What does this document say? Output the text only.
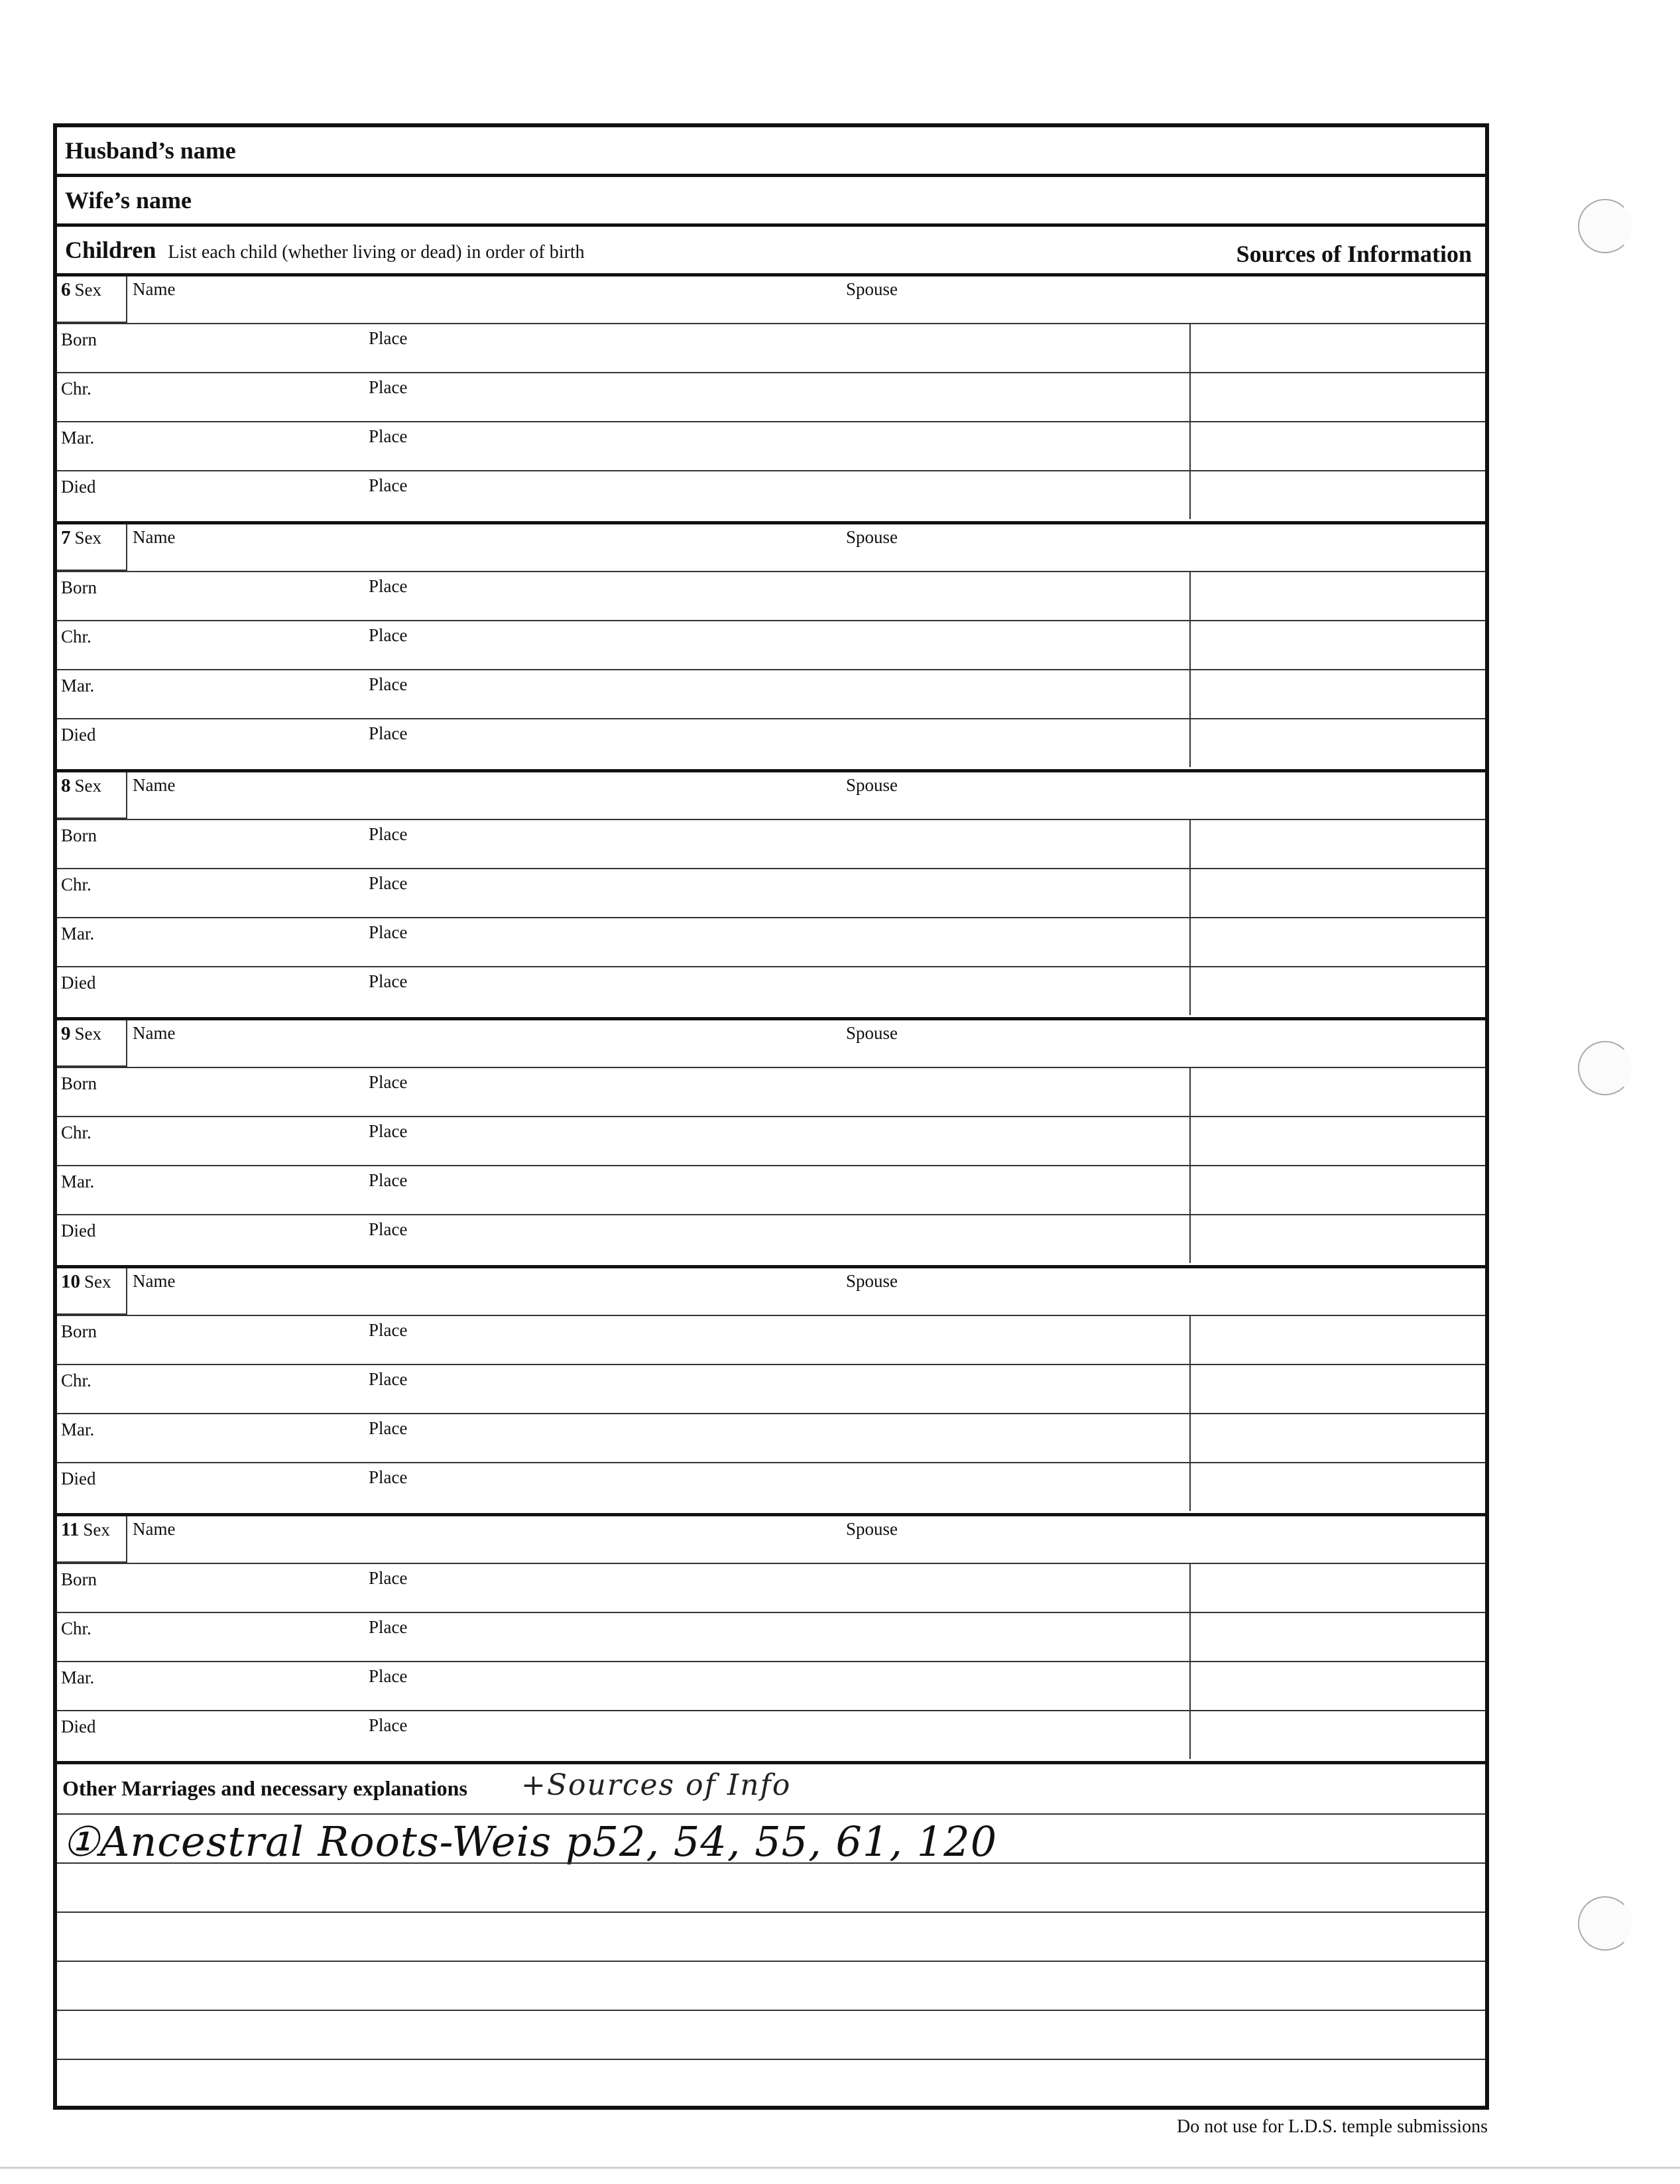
Husband’s name
Wife’s name
Children List each child (whether living or dead) in order of birth	Sources of Information
6 Sex	Name	Spouse
Born	Place
Chr.	Place
Mar.	Place
Died	Place
7 Sex	Name	Spouse
Born	Place
Chr.	Place
Mar.	Place
Died	Place
8 Sex	Name	Spouse
Born	Place
Chr.	Place
Mar.	Place
Died	Place
9 Sex	Name	Spouse
Born	Place
Chr.	Place
Mar.	Place
Died	Place
10 Sex	Name	Spouse
Born	Place
Chr.	Place
Mar.	Place
Died	Place
11 Sex	Name	Spouse
Born	Place
Chr.	Place
Mar.	Place
Died	Place
Other Marriages and necessary explanations +Sources of Info
①Ancestral Roots-Weis p52, 54, 55, 61, 120
Do not use for L.D.S. temple submissions
